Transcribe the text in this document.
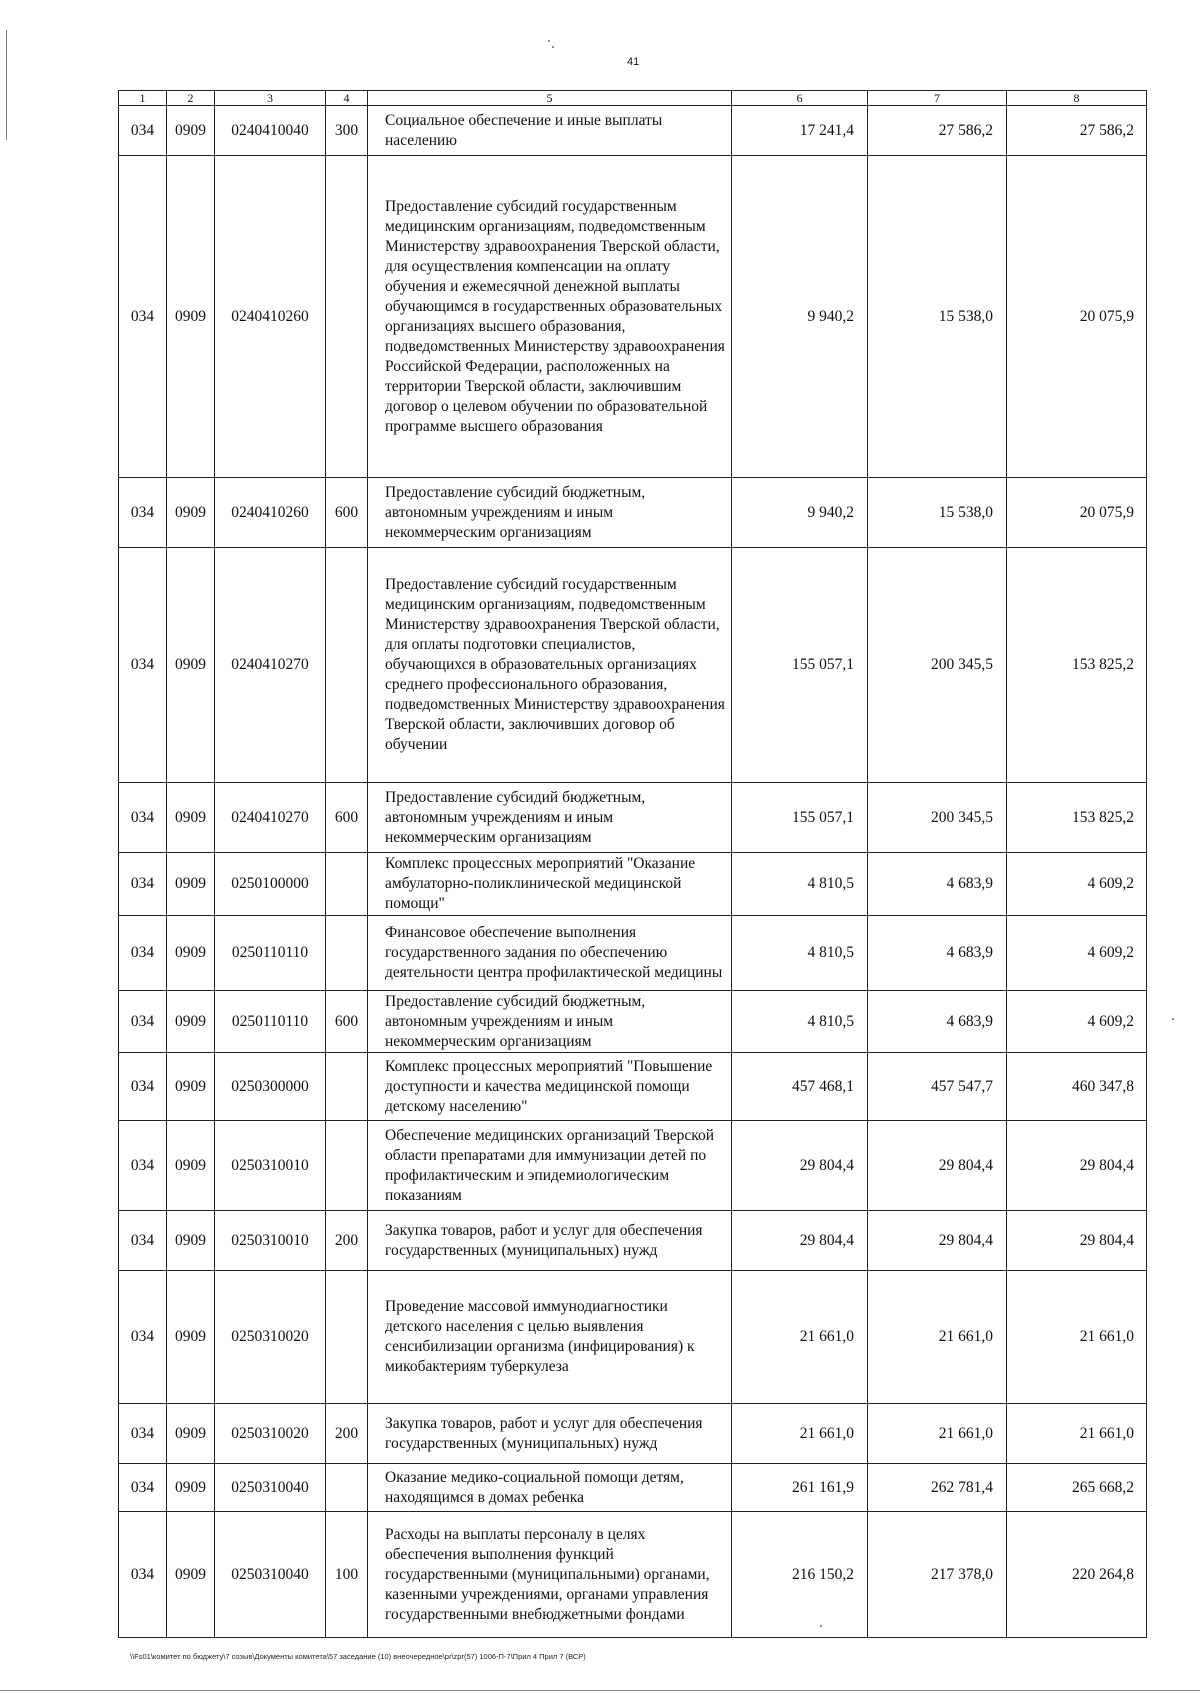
41
1	2	3	4	5	6	7	8
034	0909	0240410040	300	Социальное обеспечение и иные выплаты населению	17 241,4	27 586,2	27 586,2
034	0909	0240410260		Предоставление субсидий государственным медицинским организациям, подведомственным Министерству здравоохранения Тверской области, для осуществления компенсации на оплату обучения и ежемесячной денежной выплаты обучающимся в государственных образовательных организациях высшего образования, подведомственных Министерству здравоохранения Российской Федерации, расположенных на территории Тверской области, заключившим договор о целевом обучении по образовательной программе высшего образования	9 940,2	15 538,0	20 075,9
034	0909	0240410260	600	Предоставление субсидий бюджетным, автономным учреждениям и иным некоммерческим организациям	9 940,2	15 538,0	20 075,9
034	0909	0240410270		Предоставление субсидий государственным медицинским организациям, подведомственным Министерству здравоохранения Тверской области, для оплаты подготовки специалистов, обучающихся в образовательных организациях среднего профессионального образования, подведомственных Министерству здравоохранения Тверской области, заключивших договор об обучении	155 057,1	200 345,5	153 825,2
034	0909	0240410270	600	Предоставление субсидий бюджетным, автономным учреждениям и иным некоммерческим организациям	155 057,1	200 345,5	153 825,2
034	0909	0250100000		Комплекс процессных мероприятий "Оказание амбулаторно-поликлинической медицинской помощи"	4 810,5	4 683,9	4 609,2
034	0909	0250110110		Финансовое обеспечение выполнения государственного задания по обеспечению деятельности центра профилактической медицины	4 810,5	4 683,9	4 609,2
034	0909	0250110110	600	Предоставление субсидий бюджетным, автономным учреждениям и иным некоммерческим организациям	4 810,5	4 683,9	4 609,2
034	0909	0250300000		Комплекс процессных мероприятий "Повышение доступности и качества медицинской помощи детскому населению"	457 468,1	457 547,7	460 347,8
034	0909	0250310010		Обеспечение медицинских организаций Тверской области препаратами для иммунизации детей по профилактическим и эпидемиологическим показаниям	29 804,4	29 804,4	29 804,4
034	0909	0250310010	200	Закупка товаров, работ и услуг для обеспечения государственных (муниципальных) нужд	29 804,4	29 804,4	29 804,4
034	0909	0250310020		Проведение массовой иммунодиагностики детского населения с целью выявления сенсибилизации организма (инфицирования) к микобактериям туберкулеза	21 661,0	21 661,0	21 661,0
034	0909	0250310020	200	Закупка товаров, работ и услуг для обеспечения государственных (муниципальных) нужд	21 661,0	21 661,0	21 661,0
034	0909	0250310040		Оказание медико-социальной помощи детям, находящимся в домах ребенка	261 161,9	262 781,4	265 668,2
034	0909	0250310040	100	Расходы на выплаты персоналу в целях обеспечения выполнения функций государственными (муниципальными) органами, казенными учреждениями, органами управления государственными внебюджетными фондами	216 150,2	217 378,0	220 264,8
\\Fs01\комитет по бюджету\7 созыв\Документы комитета\57 заседание (10) внеочередное\pr\zpr(57) 1006-П-7\Прил 4 Прил 7 (ВСР)
